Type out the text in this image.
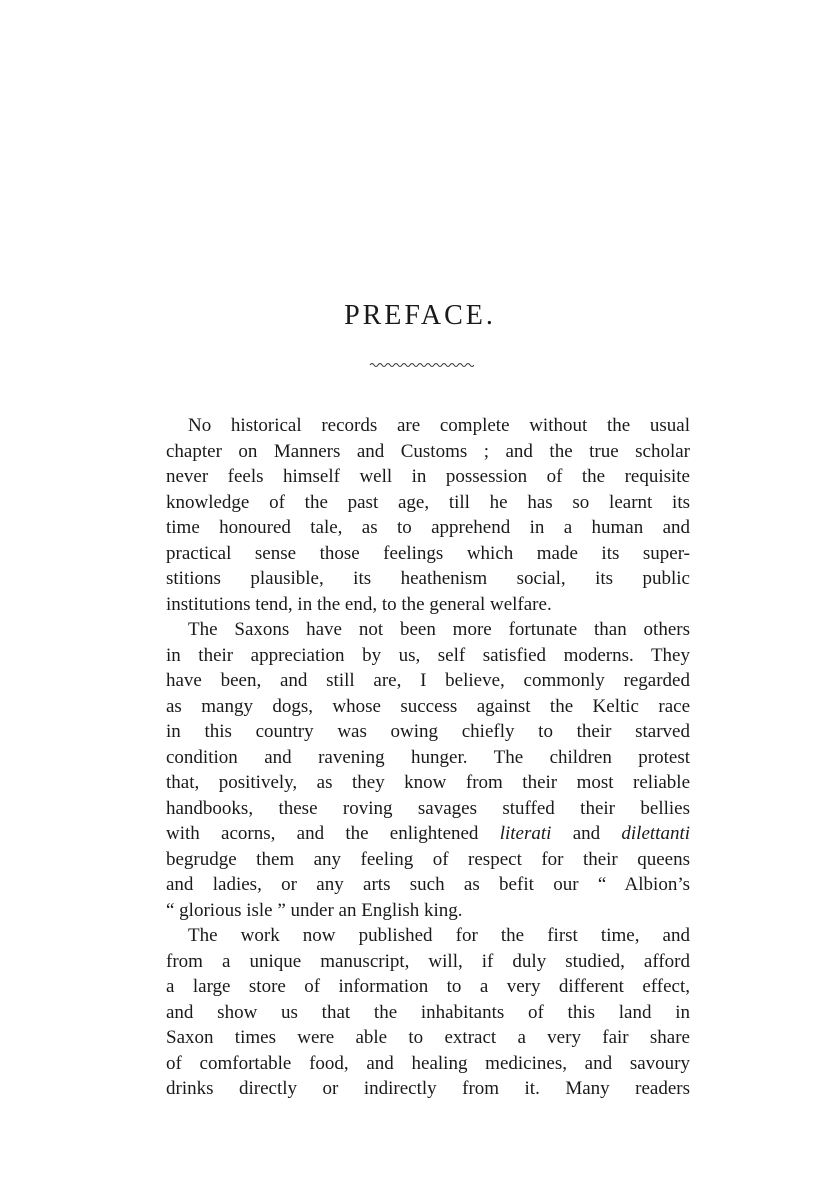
PREFACE.
No historical records are complete without the usual
chapter on Manners and Customs ; and the true scholar
never feels himself well in possession of the requisite
knowledge of the past age, till he has so learnt its
time honoured tale, as to apprehend in a human and
practical sense those feelings which made its super-
stitions plausible, its heathenism social, its public
institutions tend, in the end, to the general welfare.
The Saxons have not been more fortunate than others
in their appreciation by us, self satisfied moderns. They
have been, and still are, I believe, commonly regarded
as mangy dogs, whose success against the Keltic race
in this country was owing chiefly to their starved
condition and ravening hunger. The children protest
that, positively, as they know from their most reliable
handbooks, these roving savages stuffed their bellies
with acorns, and the enlightened literati and dilettanti
begrudge them any feeling of respect for their queens
and ladies, or any arts such as befit our “ Albion’s
“ glorious isle ” under an English king.
The work now published for the first time, and
from a unique manuscript, will, if duly studied, afford
a large store of information to a very different effect,
and show us that the inhabitants of this land in
Saxon times were able to extract a very fair share
of comfortable food, and healing medicines, and savoury
drinks directly or indirectly from it. Many readers
